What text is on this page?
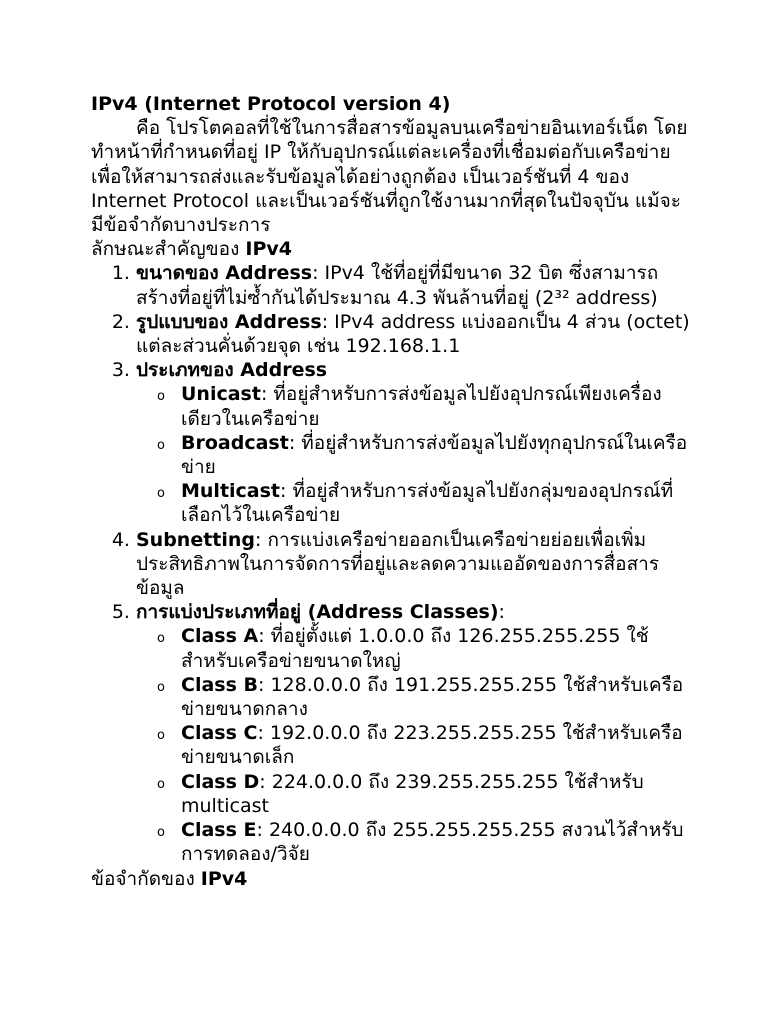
IPv4 (Internet Protocol version 4)

คือ โปรโตคอลที่ใช้ในการสื่อสารข้อมูลบนเครือข่ายอินเทอร์เน็ต โดยทำหน้าที่กำหนดที่อยู่ IP ให้กับอุปกรณ์แต่ละเครื่องที่เชื่อมต่อกับเครือข่าย เพื่อให้สามารถส่งและรับข้อมูลได้อย่างถูกต้อง เป็นเวอร์ชันที่ 4 ของ Internet Protocol และเป็นเวอร์ชันที่ถูกใช้งานมากที่สุดในปัจจุบัน แม้จะมีข้อจำกัดบางประการ

ลักษณะสำคัญของ IPv4

1. ขนาดของ Address: IPv4 ใช้ที่อยู่ที่มีขนาด 32 บิต ซึ่งสามารถสร้างที่อยู่ที่ไม่ซ้ำกันได้ประมาณ 4.3 พันล้านที่อยู่ (2³² address)
2. รูปแบบของ Address: IPv4 address แบ่งออกเป็น 4 ส่วน (octet) แต่ละส่วนคั่นด้วยจุด เช่น 192.168.1.1
3. ประเภทของ Address
o Unicast: ที่อยู่สำหรับการส่งข้อมูลไปยังอุปกรณ์เพียงเครื่องเดียวในเครือข่าย
o Broadcast: ที่อยู่สำหรับการส่งข้อมูลไปยังทุกอุปกรณ์ในเครือข่าย
o Multicast: ที่อยู่สำหรับการส่งข้อมูลไปยังกลุ่มของอุปกรณ์ที่เลือกไว้ในเครือข่าย
4. Subnetting: การแบ่งเครือข่ายออกเป็นเครือข่ายย่อยเพื่อเพิ่มประสิทธิภาพในการจัดการที่อยู่และลดความแออัดของการสื่อสารข้อมูล
5. การแบ่งประเภทที่อยู่ (Address Classes):
o Class A: ที่อยู่ตั้งแต่ 1.0.0.0 ถึง 126.255.255.255 ใช้สำหรับเครือข่ายขนาดใหญ่
o Class B: 128.0.0.0 ถึง 191.255.255.255 ใช้สำหรับเครือข่ายขนาดกลาง
o Class C: 192.0.0.0 ถึง 223.255.255.255 ใช้สำหรับเครือข่ายขนาดเล็ก
o Class D: 224.0.0.0 ถึง 239.255.255.255 ใช้สำหรับ multicast
o Class E: 240.0.0.0 ถึง 255.255.255.255 สงวนไว้สำหรับการทดลอง/วิจัย

ข้อจำกัดของ IPv4
